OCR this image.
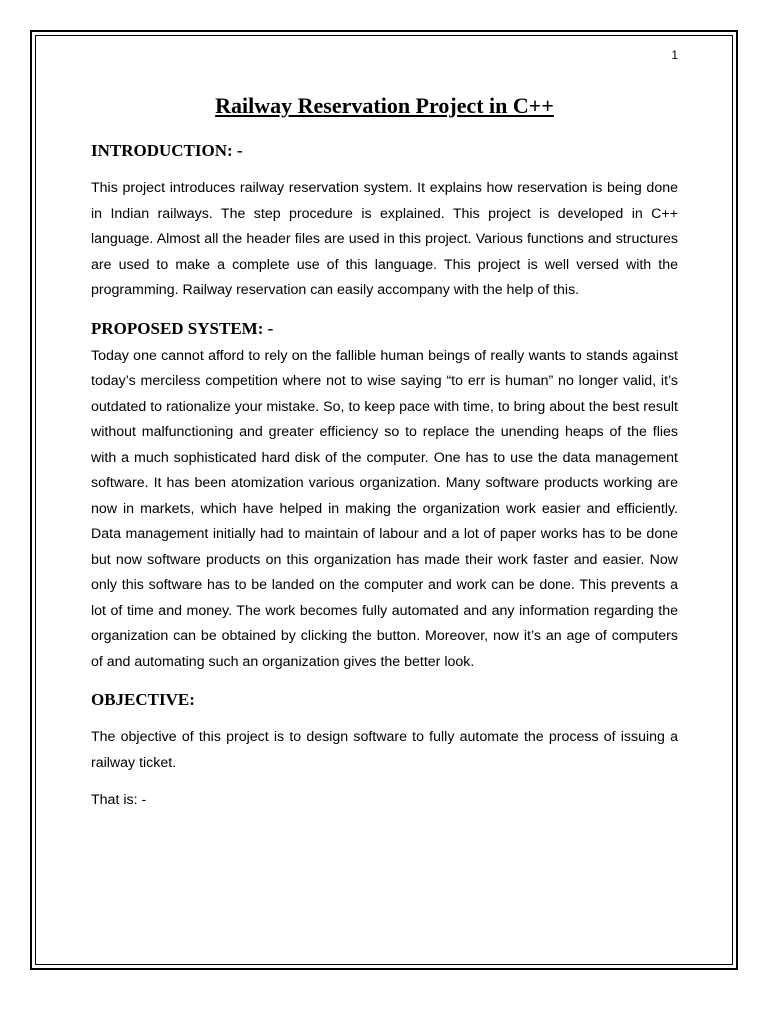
1
Railway Reservation Project in C++
INTRODUCTION: -

This project introduces railway reservation system. It explains how reservation is being done in Indian railways. The step procedure is explained. This project is developed in C++ language. Almost all the header files are used in this project. Various functions and structures are used to make a complete use of this language. This project is well versed with the programming. Railway reservation can easily accompany with the help of this.

PROPOSED SYSTEM: -

Today one cannot afford to rely on the fallible human beings of really wants to stands against today’s merciless competition where not to wise saying “to err is human” no longer valid, it’s outdated to rationalize your mistake. So, to keep pace with time, to bring about the best result without malfunctioning and greater efficiency so to replace the unending heaps of the flies with a much sophisticated hard disk of the computer. One has to use the data management software. It has been atomization various organization. Many software products working are now in markets, which have helped in making the organization work easier and efficiently. Data management initially had to maintain of labour and a lot of paper works has to be done but now software products on this organization has made their work faster and easier. Now only this software has to be landed on the computer and work can be done. This prevents a lot of time and money. The work becomes fully automated and any information regarding the organization can be obtained by clicking the button. Moreover, now it’s an age of computers of and automating such an organization gives the better look.

OBJECTIVE:

The objective of this project is to design software to fully automate the process of issuing a railway ticket.

That is: -
